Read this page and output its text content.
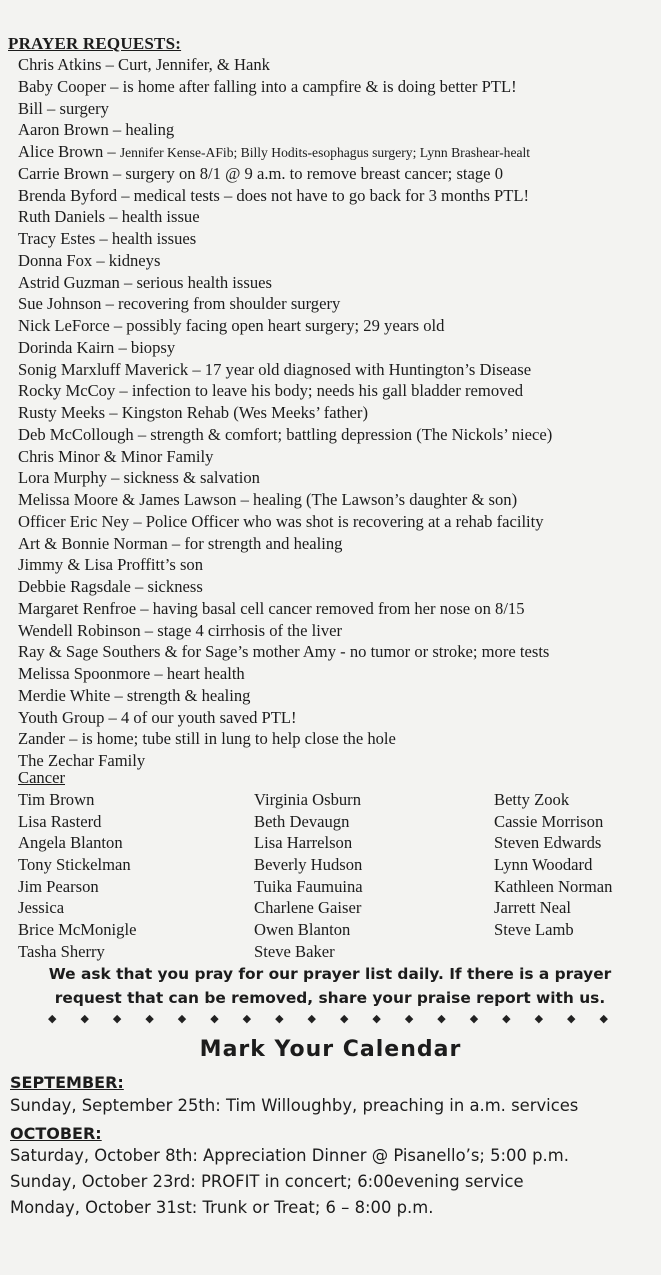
PRAYER REQUESTS:
Chris Atkins – Curt, Jennifer, & Hank
Baby Cooper – is home after falling into a campfire & is doing better PTL!
Bill – surgery
Aaron Brown – healing
Alice Brown – Jennifer Kense-AFib; Billy Hodits-esophagus surgery; Lynn Brashear-healt
Carrie Brown – surgery on 8/1 @ 9 a.m. to remove breast cancer; stage 0
Brenda Byford – medical tests – does not have to go back for 3 months PTL!
Ruth Daniels – health issue
Tracy Estes – health issues
Donna Fox – kidneys
Astrid Guzman – serious health issues
Sue Johnson – recovering from shoulder surgery
Nick LeForce – possibly facing open heart surgery; 29 years old
Dorinda Kairn – biopsy
Sonig Marxluff Maverick – 17 year old diagnosed with Huntington’s Disease
Rocky McCoy – infection to leave his body; needs his gall bladder removed
Rusty Meeks – Kingston Rehab (Wes Meeks’ father)
Deb McCollough – strength & comfort; battling depression (The Nickols’ niece)
Chris Minor & Minor Family
Lora Murphy – sickness & salvation
Melissa Moore & James Lawson – healing (The Lawson’s daughter & son)
Officer Eric Ney – Police Officer who was shot is recovering at a rehab facility
Art & Bonnie Norman – for strength and healing
Jimmy & Lisa Proffitt’s son
Debbie Ragsdale – sickness
Margaret Renfroe – having basal cell cancer removed from her nose on 8/15
Wendell Robinson – stage 4 cirrhosis of the liver
Ray & Sage Southers & for Sage’s mother Amy - no tumor or stroke; more tests
Melissa Spoonmore – heart health
Merdie White – strength & healing
Youth Group – 4 of our youth saved PTL!
Zander – is home; tube still in lung to help close the hole
The Zechar Family
Cancer
Tim Brown
Lisa Rasterd
Angela Blanton
Tony Stickelman
Jim Pearson
Jessica
Brice McMonigle
Tasha Sherry
Virginia Osburn
Beth Devaugn
Lisa Harrelson
Beverly Hudson
Tuika Faumuina
Charlene Gaiser
Owen Blanton
Steve Baker
Betty Zook
Cassie Morrison
Steven Edwards
Lynn Woodard
Kathleen Norman
Jarrett Neal
Steve Lamb
We ask that you pray for our prayer list daily. If there is a prayer
request that can be removed, share your praise report with us.
◆ ◆ ◆ ◆ ◆ ◆ ◆ ◆ ◆ ◆ ◆ ◆ ◆ ◆ ◆ ◆ ◆ ◆
Mark Your Calendar
SEPTEMBER:
Sunday, September 25th: Tim Willoughby, preaching in a.m. services
OCTOBER:
Saturday, October 8th: Appreciation Dinner @ Pisanello’s; 5:00 p.m.
Sunday, October 23rd: PROFIT in concert; 6:00evening service
Monday, October 31st: Trunk or Treat; 6 – 8:00 p.m.
